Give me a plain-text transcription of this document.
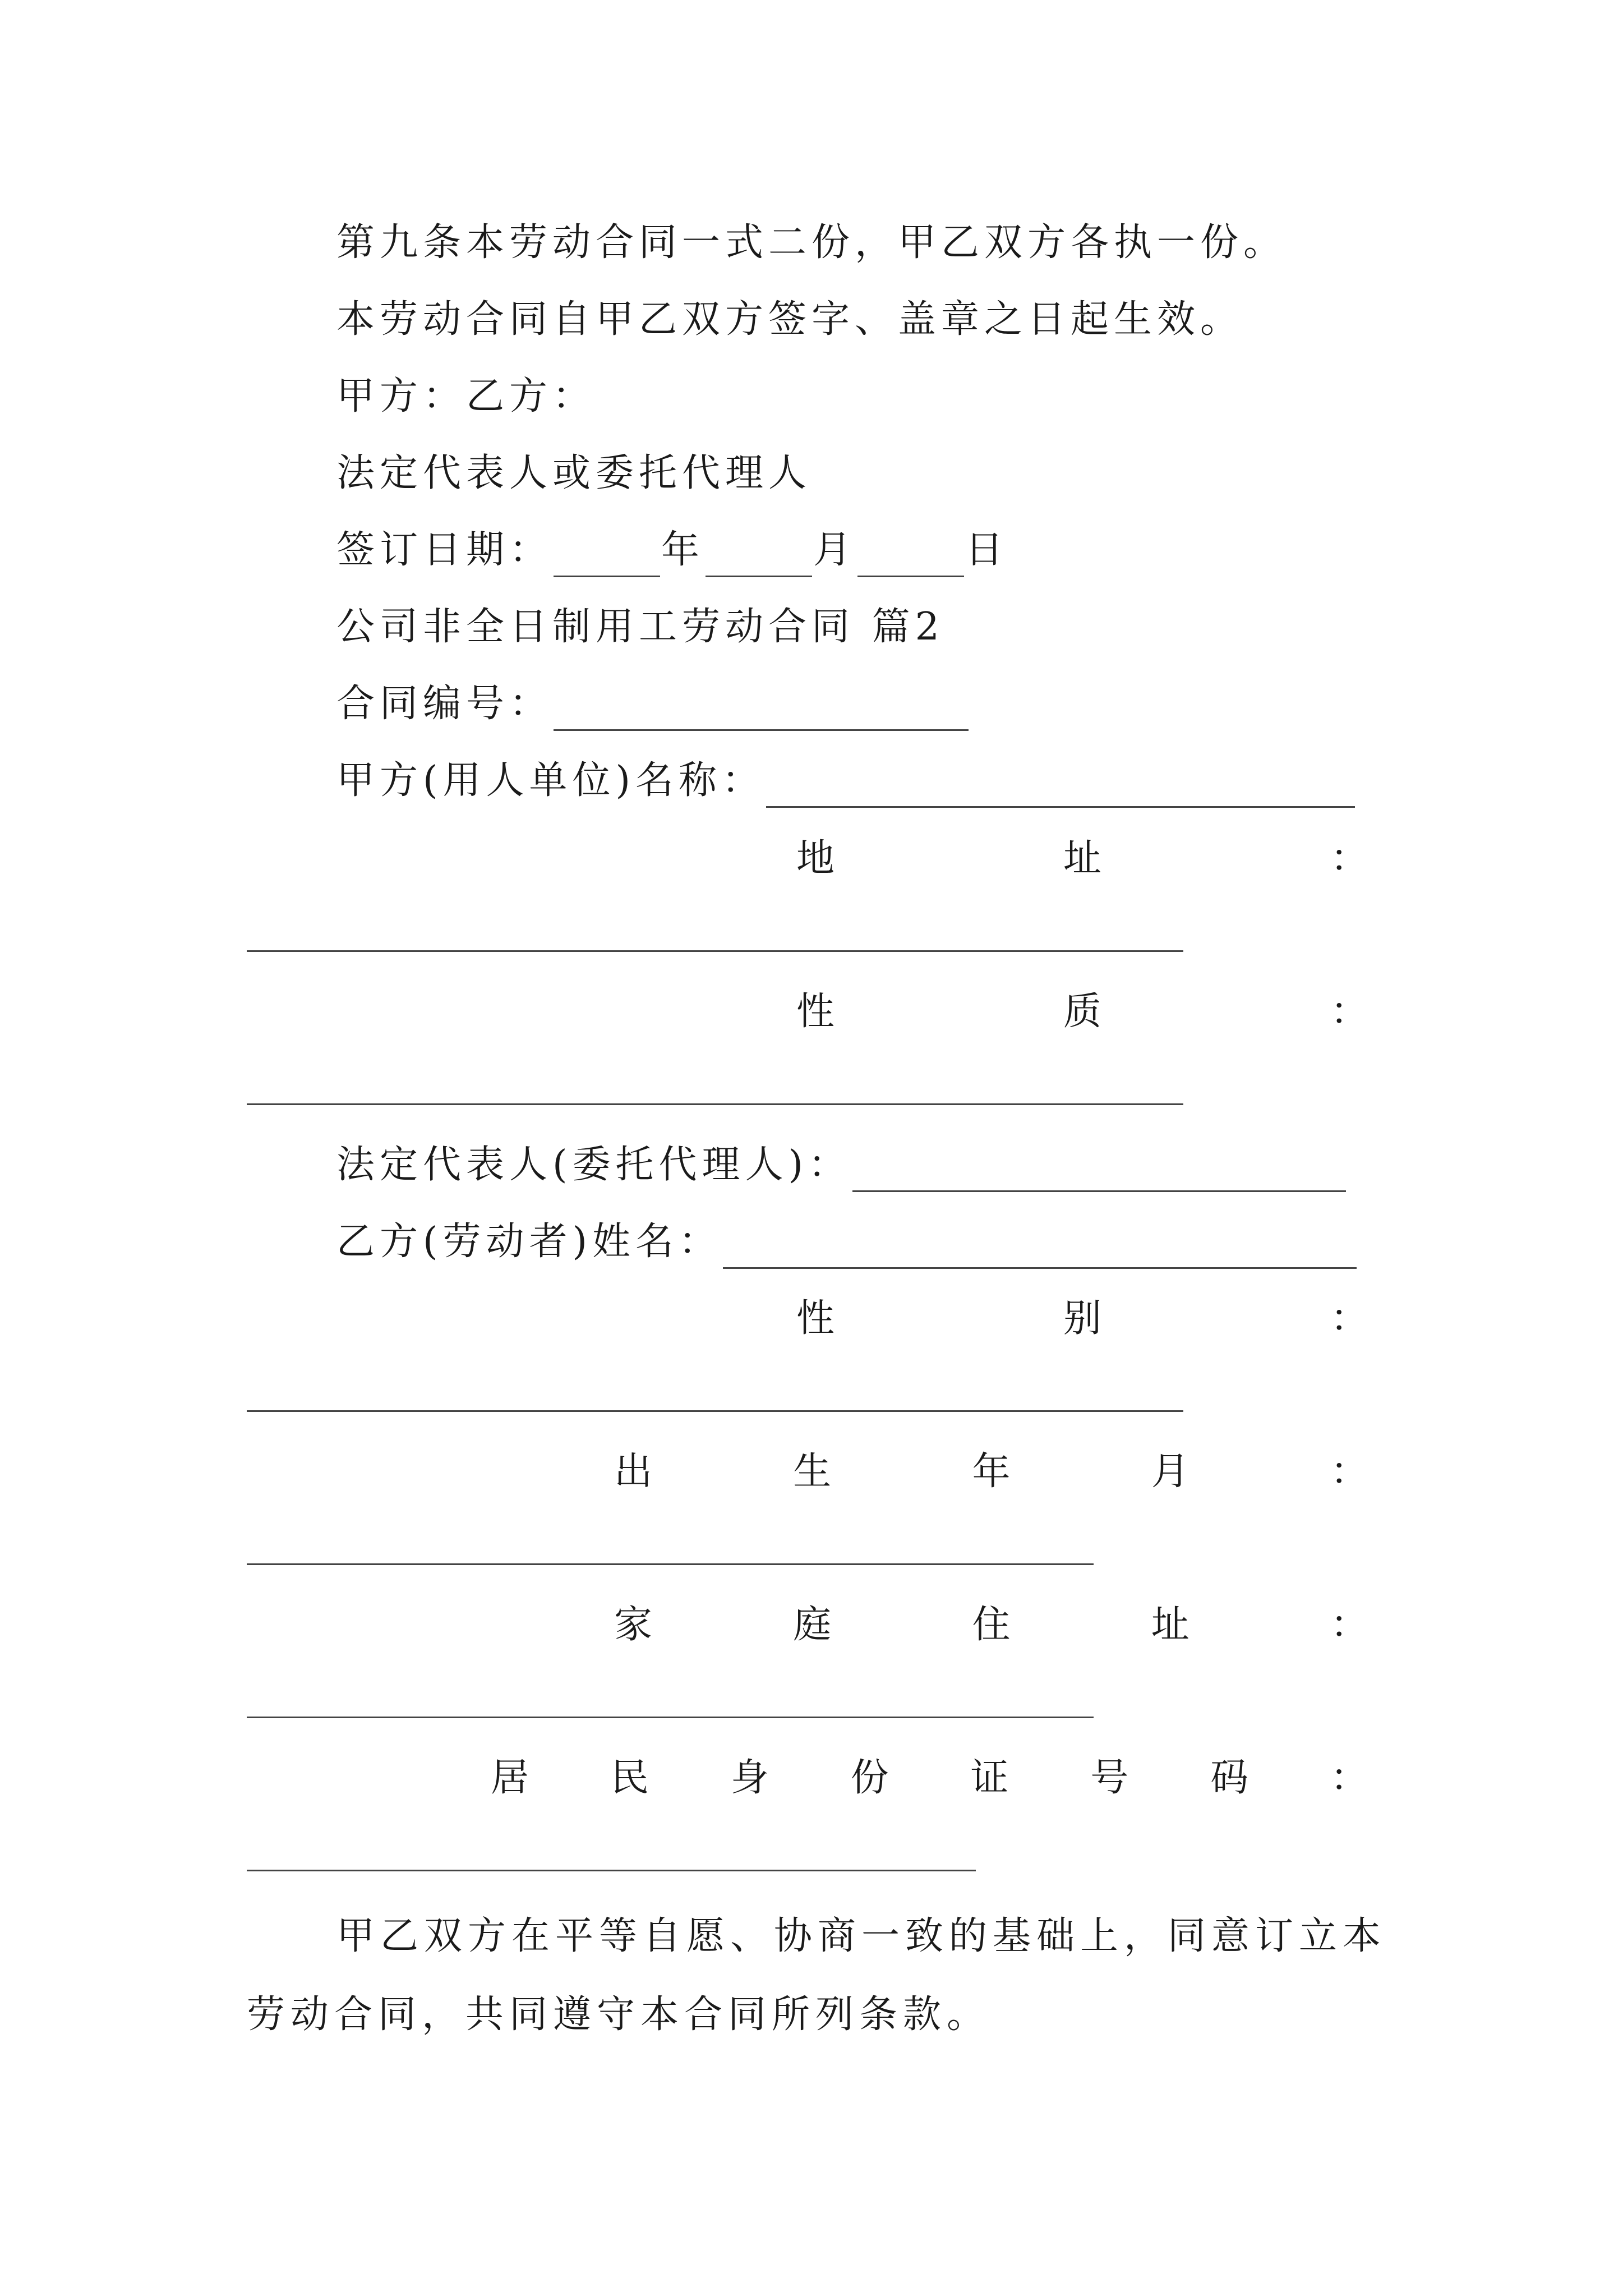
第九条本劳动合同一式二份，甲乙双方各执一份。
本劳动合同自甲乙双方签字、盖章之日起生效。
甲方：乙方：
法定代表人或委托代理人
签订日期：	年	月	日
公司非全日制用工劳动合同 篇2
合同编号：
甲方(用人单位)名称：
地	址	：
性	质	：
法定代表人(委托代理人)：
乙方(劳动者)姓名：
性	别	：
出	生	年	月	：
家	庭	住	址	：
居 民 身 份 证 号 码 ：
甲乙双方在平等自愿、协商一致的基础上，同意订立本劳动合同，共同遵守本合同所列条款。
